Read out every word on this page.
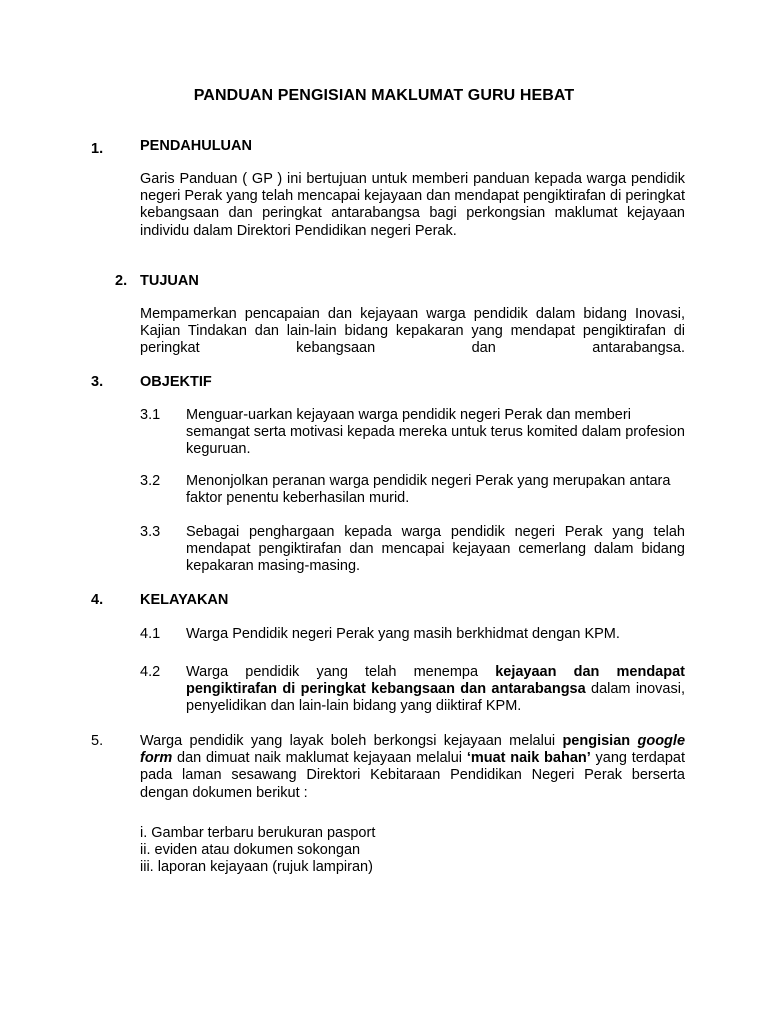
PANDUAN PENGISIAN MAKLUMAT GURU HEBAT
1.	PENDAHULUAN
Garis Panduan ( GP ) ini bertujuan untuk memberi panduan kepada warga pendidik negeri Perak yang telah mencapai kejayaan dan mendapat pengiktirafan di peringkat kebangsaan dan peringkat antarabangsa bagi perkongsian maklumat kejayaan individu dalam Direktori Pendidikan negeri Perak.
2. TUJUAN
Mempamerkan pencapaian dan kejayaan warga pendidik dalam bidang Inovasi, Kajian Tindakan dan lain-lain bidang kepakaran yang mendapat pengiktirafan di peringkat kebangsaan dan antarabangsa.
3.	OBJEKTIF
3.1 Menguar-uarkan kejayaan warga pendidik negeri Perak dan memberi semangat serta motivasi kepada mereka untuk terus komited dalam profesion keguruan.
3.2 Menonjolkan peranan warga pendidik negeri Perak yang merupakan antara faktor penentu keberhasilan murid.
3.3 Sebagai penghargaan kepada warga pendidik negeri Perak yang telah mendapat pengiktirafan dan mencapai kejayaan cemerlang dalam bidang kepakaran masing-masing.
4.	KELAYAKAN
4.1 Warga Pendidik negeri Perak yang masih berkhidmat dengan KPM.
4.2 Warga pendidik yang telah menempa kejayaan dan mendapat pengiktirafan di peringkat kebangsaan dan antarabangsa dalam inovasi, penyelidikan dan lain-lain bidang yang diiktiraf KPM.
5.	Warga pendidik yang layak boleh berkongsi kejayaan melalui pengisian google form dan dimuat naik maklumat kejayaan melalui ‘muat naik bahan’ yang terdapat pada laman sesawang Direktori Kebitaraan Pendidikan Negeri Perak berserta dengan dokumen berikut :
i. Gambar terbaru berukuran pasport
ii. eviden atau dokumen sokongan
iii. laporan kejayaan (rujuk lampiran)
